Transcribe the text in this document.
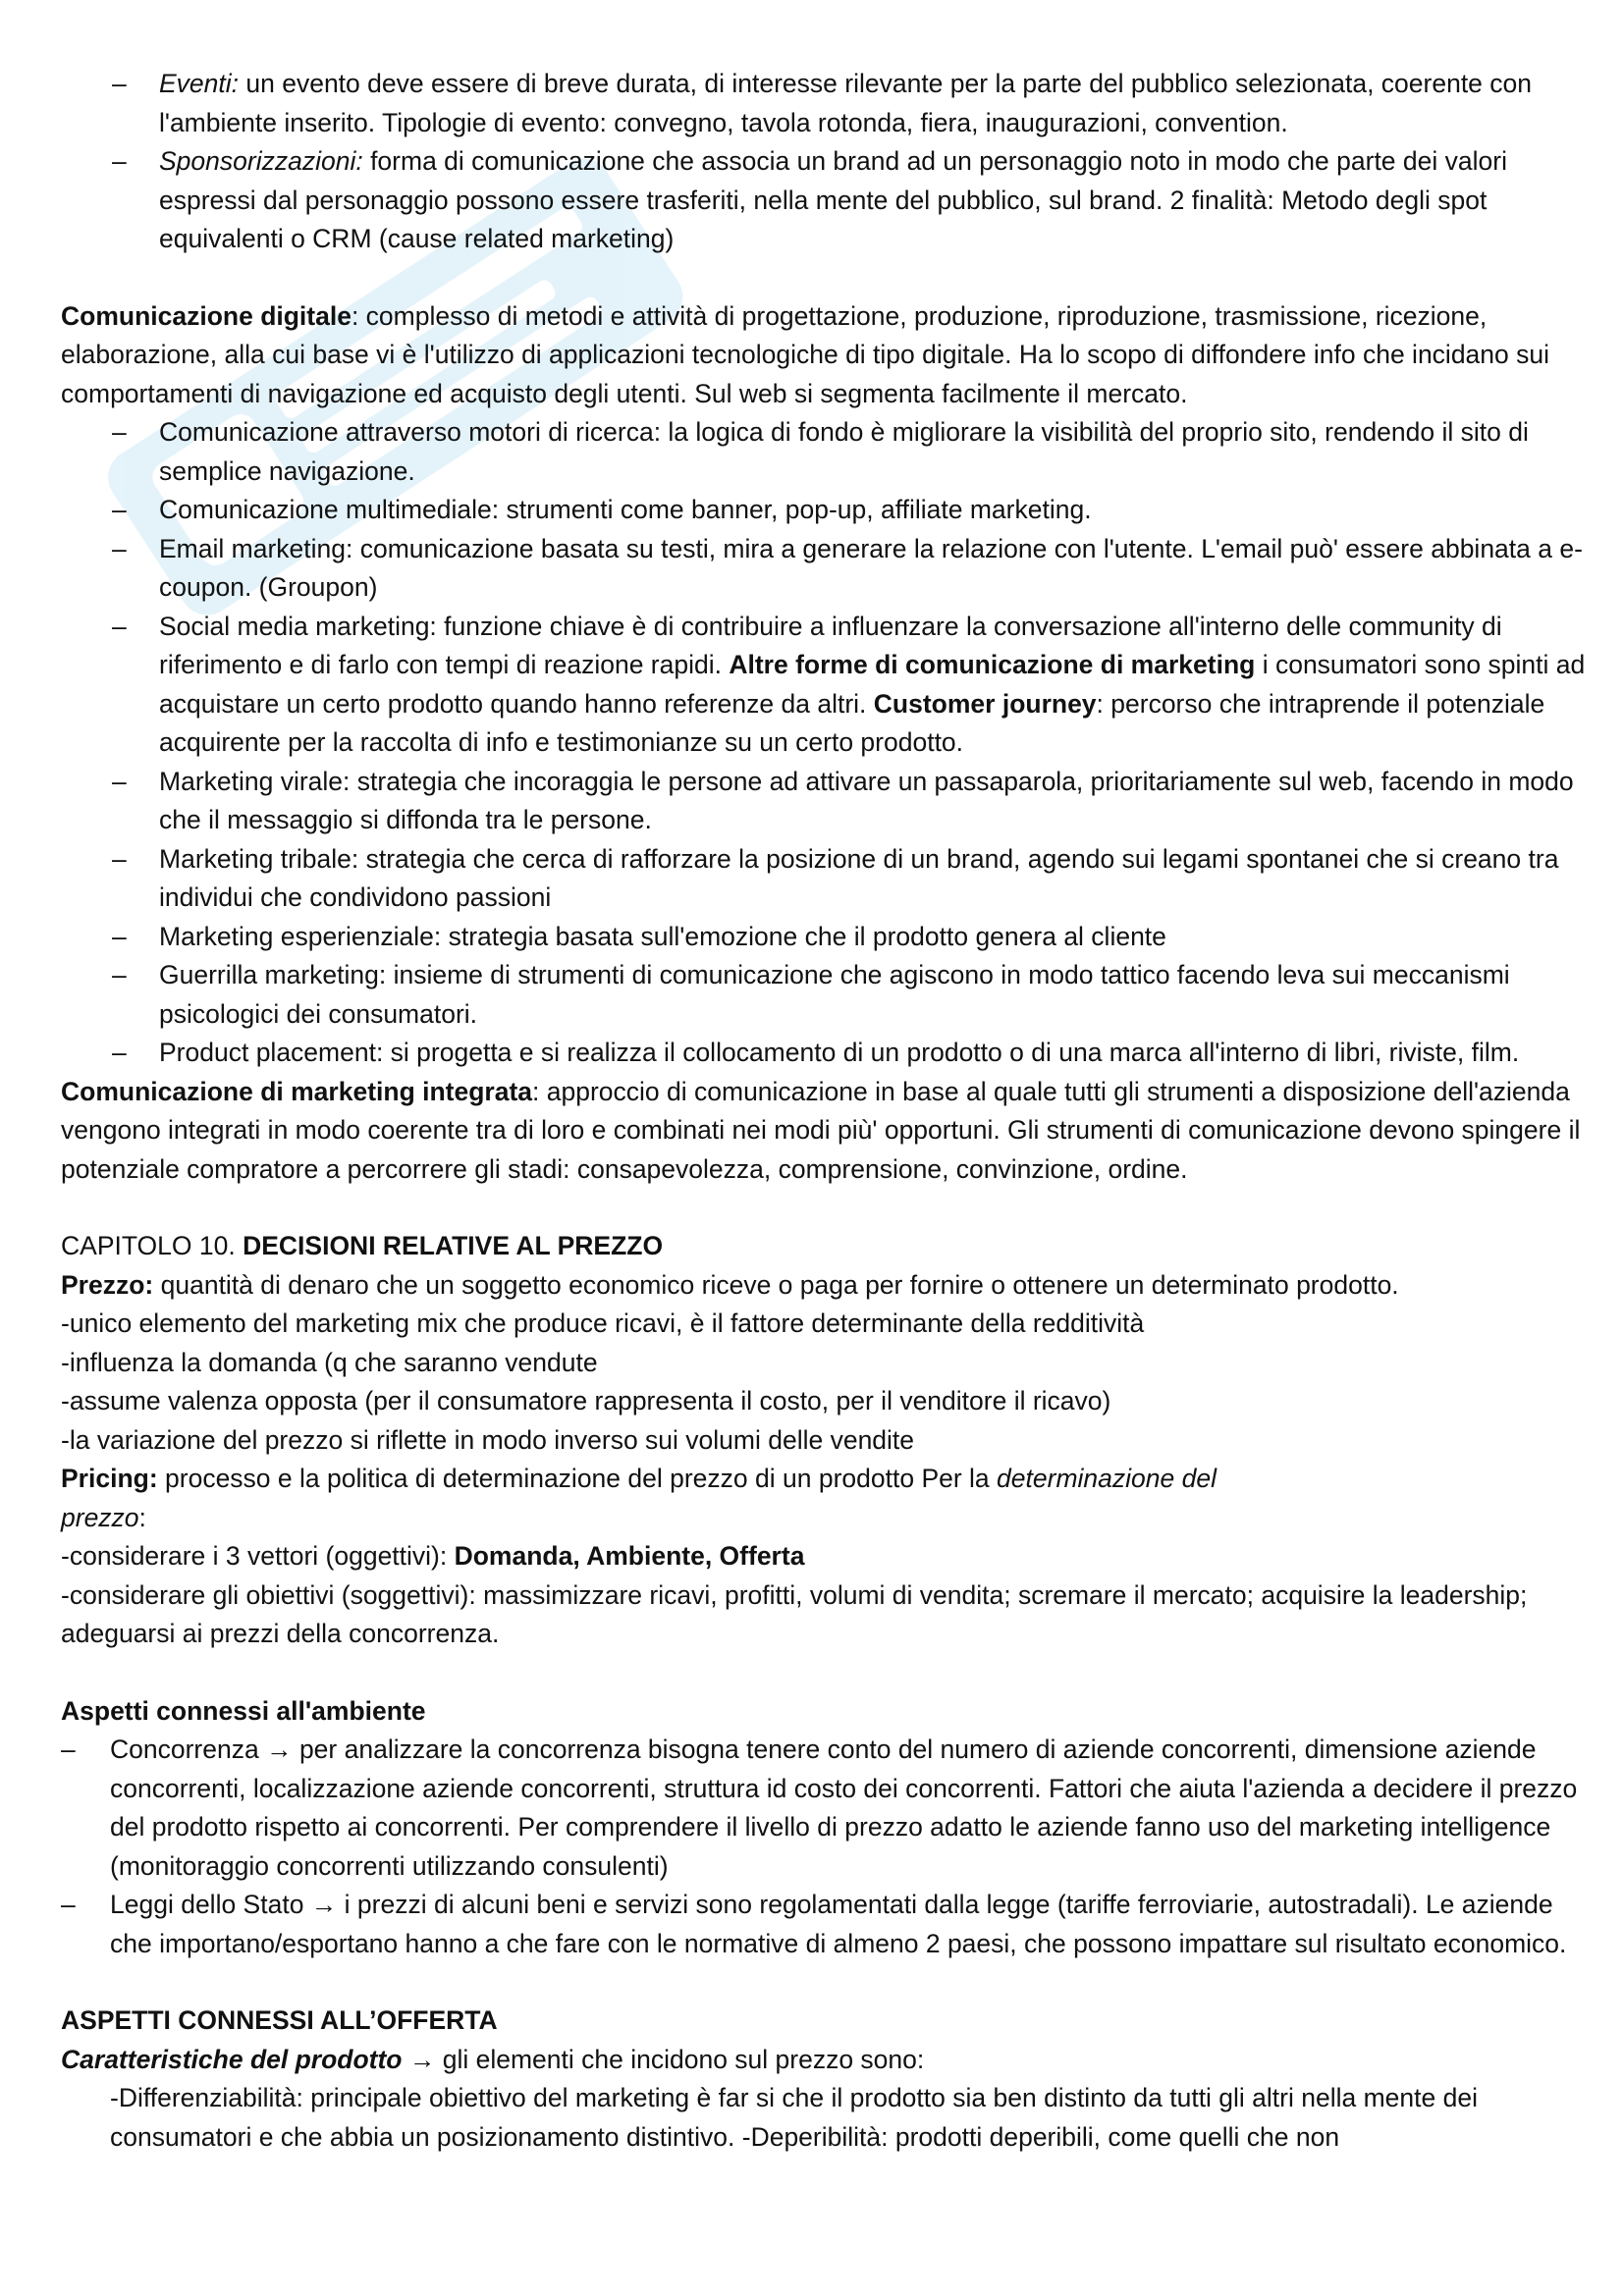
– Eventi: un evento deve essere di breve durata, di interesse rilevante per la parte del pubblico selezionata, coerente con l'ambiente inserito. Tipologie di evento: convegno, tavola rotonda, fiera, inaugurazioni, convention.
– Sponsorizzazioni: forma di comunicazione che associa un brand ad un personaggio noto in modo che parte dei valori espressi dal personaggio possono essere trasferiti, nella mente del pubblico, sul brand. 2 finalità: Metodo degli spot equivalenti o CRM (cause related marketing)

Comunicazione digitale: complesso di metodi e attività di progettazione, produzione, riproduzione, trasmissione, ricezione, elaborazione, alla cui base vi è l'utilizzo di applicazioni tecnologiche di tipo digitale. Ha lo scopo di diffondere info che incidano sui comportamenti di navigazione ed acquisto degli utenti. Sul web si segmenta facilmente il mercato.

– Comunicazione attraverso motori di ricerca: la logica di fondo è migliorare la visibilità del proprio sito, rendendo il sito di semplice navigazione.
– Comunicazione multimediale: strumenti come banner, pop-up, affiliate marketing.
– Email marketing: comunicazione basata su testi, mira a generare la relazione con l'utente. L'email può' essere abbinata a e-coupon. (Groupon)
– Social media marketing: funzione chiave è di contribuire a influenzare la conversazione all'interno delle community di riferimento e di farlo con tempi di reazione rapidi. Altre forme di comunicazione di marketing i consumatori sono spinti ad acquistare un certo prodotto quando hanno referenze da altri. Customer journey: percorso che intraprende il potenziale acquirente per la raccolta di info e testimonianze su un certo prodotto.
– Marketing virale: strategia che incoraggia le persone ad attivare un passaparola, prioritariamente sul web, facendo in modo che il messaggio si diffonda tra le persone.
– Marketing tribale: strategia che cerca di rafforzare la posizione di un brand, agendo sui legami spontanei che si creano tra individui che condividono passioni
– Marketing esperienziale: strategia basata sull'emozione che il prodotto genera al cliente
– Guerrilla marketing: insieme di strumenti di comunicazione che agiscono in modo tattico facendo leva sui meccanismi psicologici dei consumatori.
– Product placement: si progetta e si realizza il collocamento di un prodotto o di una marca all'interno di libri, riviste, film.

Comunicazione di marketing integrata: approccio di comunicazione in base al quale tutti gli strumenti a disposizione dell'azienda vengono integrati in modo coerente tra di loro e combinati nei modi più' opportuni. Gli strumenti di comunicazione devono spingere il potenziale compratore a percorrere gli stadi: consapevolezza, comprensione, convinzione, ordine.

CAPITOLO 10. DECISIONI RELATIVE AL PREZZO

Prezzo: quantità di denaro che un soggetto economico riceve o paga per fornire o ottenere un determinato prodotto.

-unico elemento del marketing mix che produce ricavi, è il fattore determinante della redditività

-influenza la domanda (q che saranno vendute

-assume valenza opposta (per il consumatore rappresenta il costo, per il venditore il ricavo)

-la variazione del prezzo si riflette in modo inverso sui volumi delle vendite

Pricing: processo e la politica di determinazione del prezzo di un prodotto Per la determinazione del prezzo:

-considerare i 3 vettori (oggettivi): Domanda, Ambiente, Offerta

-considerare gli obiettivi (soggettivi): massimizzare ricavi, profitti, volumi di vendita; scremare il mercato; acquisire la leadership; adeguarsi ai prezzi della concorrenza.

Aspetti connessi all'ambiente

– Concorrenza → per analizzare la concorrenza bisogna tenere conto del numero di aziende concorrenti, dimensione aziende concorrenti, localizzazione aziende concorrenti, struttura id costo dei concorrenti. Fattori che aiuta l'azienda a decidere il prezzo del prodotto rispetto ai concorrenti. Per comprendere il livello di prezzo adatto le aziende fanno uso del marketing intelligence (monitoraggio concorrenti utilizzando consulenti)
– Leggi dello Stato → i prezzi di alcuni beni e servizi sono regolamentati dalla legge (tariffe ferroviarie, autostradali). Le aziende che importano/esportano hanno a che fare con le normative di almeno 2 paesi, che possono impattare sul risultato economico.

ASPETTI CONNESSI ALL’OFFERTA

Caratteristiche del prodotto → gli elementi che incidono sul prezzo sono:

-Differenziabilità: principale obiettivo del marketing è far si che il prodotto sia ben distinto da tutti gli altri nella mente dei consumatori e che abbia un posizionamento distintivo. -Deperibilità: prodotti deperibili, come quelli che non
